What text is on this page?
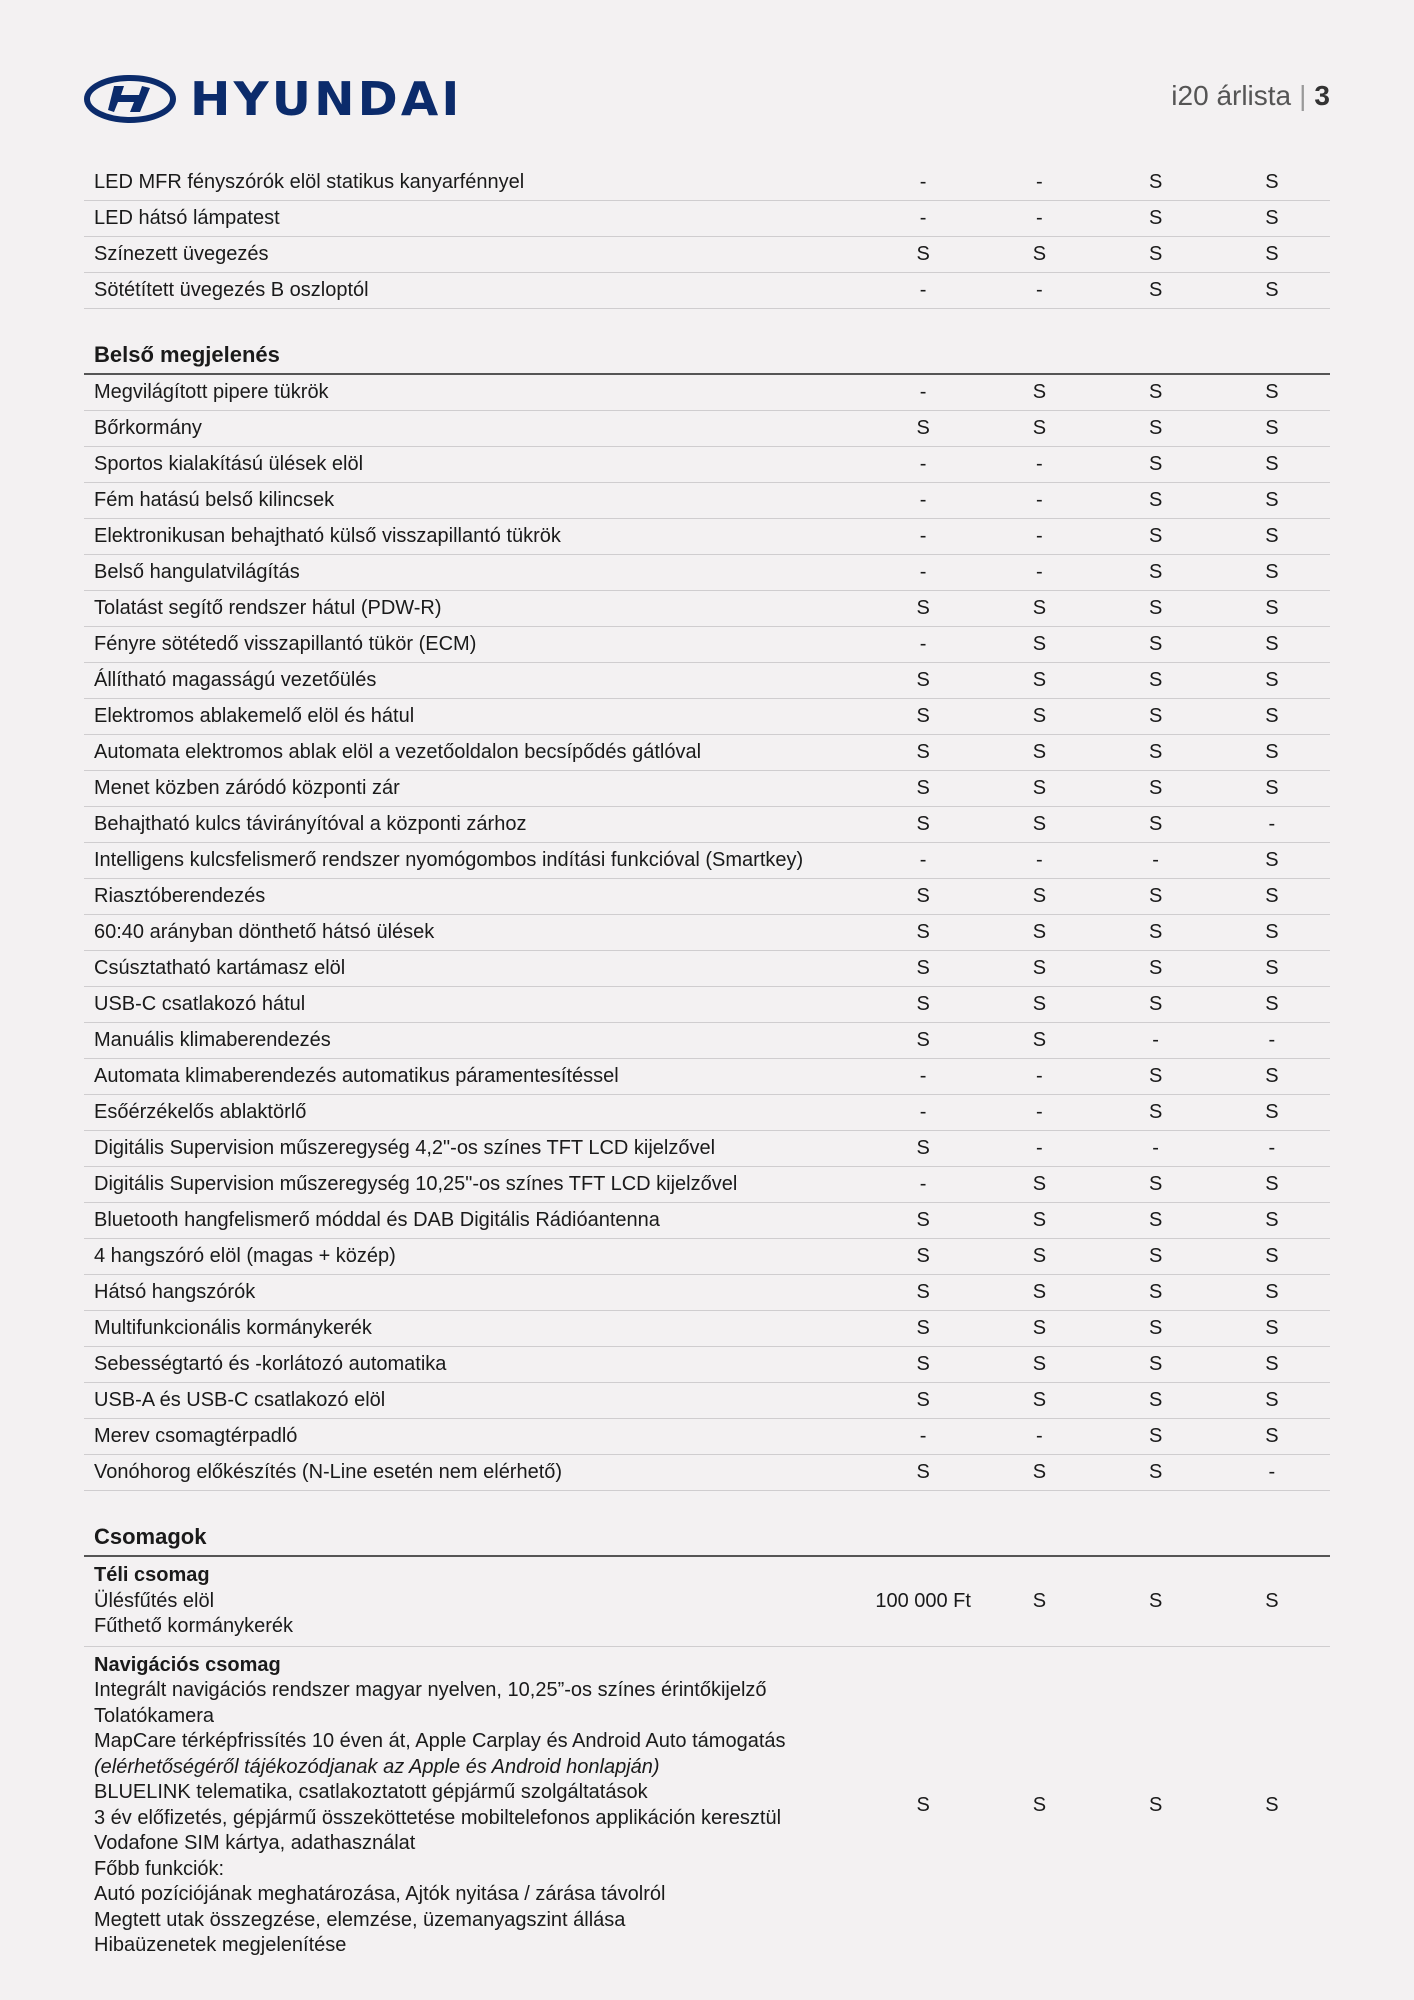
HYUNDAI	i20 árlista | 3
LED MFR fényszórók elöl statikus kanyarfénnyel	-	-	S	S
LED hátsó lámpatest	-	-	S	S
Színezett üvegezés	S	S	S	S
Sötétített üvegezés B oszloptól	-	-	S	S
Belső megjelenés
Megvilágított pipere tükrök	-	S	S	S
Bőrkormány	S	S	S	S
Sportos kialakítású ülések elöl	-	-	S	S
Fém hatású belső kilincsek	-	-	S	S
Elektronikusan behajtható külső visszapillantó tükrök	-	-	S	S
Belső hangulatvilágítás	-	-	S	S
Tolatást segítő rendszer hátul (PDW-R)	S	S	S	S
Fényre sötétedő visszapillantó tükör (ECM)	-	S	S	S
Állítható magasságú vezetőülés	S	S	S	S
Elektromos ablakemelő elöl és hátul	S	S	S	S
Automata elektromos ablak elöl a vezetőoldalon becsípődés gátlóval	S	S	S	S
Menet közben záródó központi zár	S	S	S	S
Behajtható kulcs távirányítóval a központi zárhoz	S	S	S	-
Intelligens kulcsfelismerő rendszer nyomógombos indítási funkcióval (Smartkey)	-	-	-	S
Riasztóberendezés	S	S	S	S
60:40 arányban dönthető hátsó ülések	S	S	S	S
Csúsztatható kartámasz elöl	S	S	S	S
USB-C csatlakozó hátul	S	S	S	S
Manuális klimaberendezés	S	S	-	-
Automata klimaberendezés automatikus páramentesítéssel	-	-	S	S
Esőérzékelős ablaktörlő	-	-	S	S
Digitális Supervision műszeregység 4,2"-os színes TFT LCD kijelzővel	S	-	-	-
Digitális Supervision műszeregység 10,25"-os színes TFT LCD kijelzővel	-	S	S	S
Bluetooth hangfelismerő móddal és DAB Digitális Rádióantenna	S	S	S	S
4 hangszóró elöl (magas + közép)	S	S	S	S
Hátsó hangszórók	S	S	S	S
Multifunkcionális kormánykerék	S	S	S	S
Sebességtartó és -korlátozó automatika	S	S	S	S
USB-A és USB-C csatlakozó elöl	S	S	S	S
Merev csomagtérpadló	-	-	S	S
Vonóhorog előkészítés (N-Line esetén nem elérhető)	S	S	S	-
Csomagok
Téli csomag
Ülésfűtés elöl
Fűthető kormánykerék
100 000 Ft	S	S	S
Navigációs csomag
Integrált navigációs rendszer magyar nyelven, 10,25”-os színes érintőkijelző
Tolatókamera
MapCare térképfrissítés 10 éven át, Apple Carplay és Android Auto támogatás
(elérhetőségéről tájékozódjanak az Apple és Android honlapján)
BLUELINK telematika, csatlakoztatott gépjármű szolgáltatások
3 év előfizetés, gépjármű összeköttetése mobiltelefonos applikáción keresztül
Vodafone SIM kártya, adathasználat
Főbb funkciók:
Autó pozíciójának meghatározása, Ajtók nyitása / zárása távolról
Megtett utak összegzése, elemzése, üzemanyagszint állása
Hibaüzenetek megjelenítése
S	S	S	S
